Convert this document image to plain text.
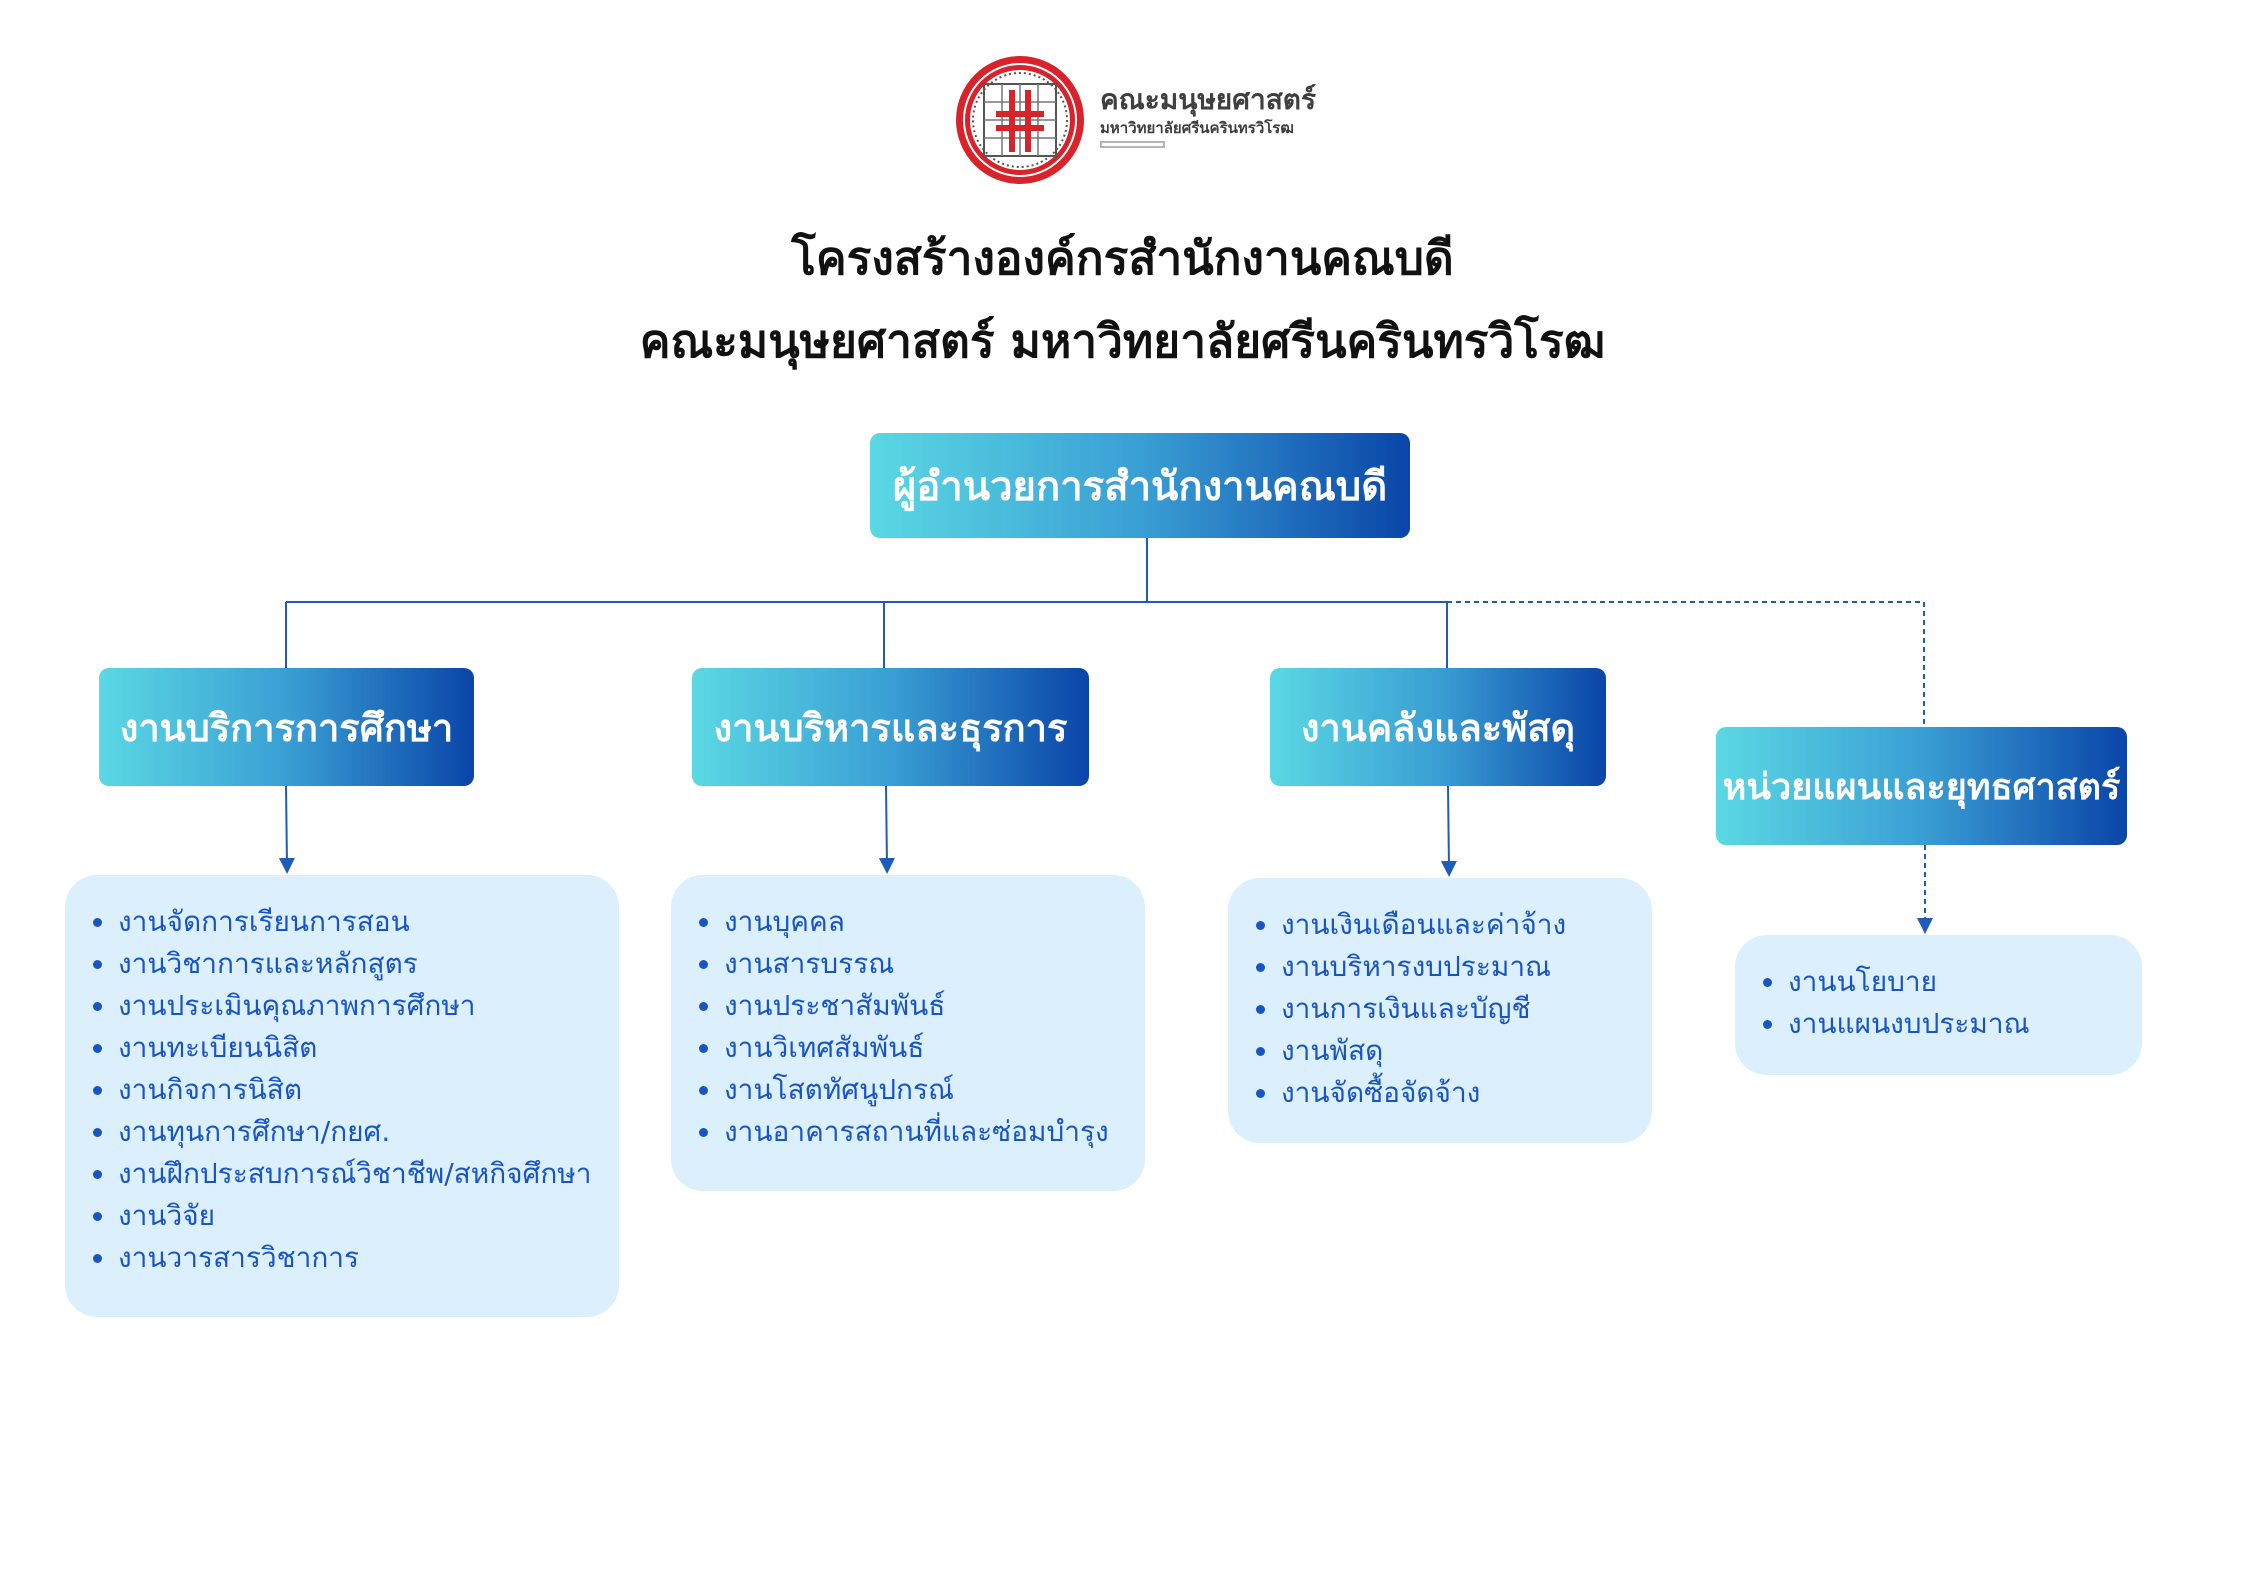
คณะมนุษยศาสตร์
มหาวิทยาลัยศรีนครินทรวิโรฒ
โครงสร้างองค์กรสำนักงานคณบดี
คณะมนุษยศาสตร์ มหาวิทยาลัยศรีนครินทรวิโรฒ
ผู้อำนวยการสำนักงานคณบดี
งานบริการการศึกษา	งานบริหารและธุรการ	งานคลังและพัสดุ
หน่วยแผนและยุทธศาสตร์
งานจัดการเรียนการสอน
งานวิชาการและหลักสูตร
งานประเมินคุณภาพการศึกษา
งานทะเบียนนิสิต
งานกิจการนิสิต
งานทุนการศึกษา/กยศ.
งานฝึกประสบการณ์วิชาชีพ/สหกิจศึกษา
งานวิจัย
งานวารสารวิชาการ
งานบุคคล
งานสารบรรณ
งานประชาสัมพันธ์
งานวิเทศสัมพันธ์
งานโสตทัศนูปกรณ์
งานอาคารสถานที่และซ่อมบำรุง
งานเงินเดือนและค่าจ้าง
งานบริหารงบประมาณ
งานการเงินและบัญชี
งานพัสดุ
งานจัดซื้อจัดจ้าง
งานนโยบาย
งานแผนงบประมาณ
